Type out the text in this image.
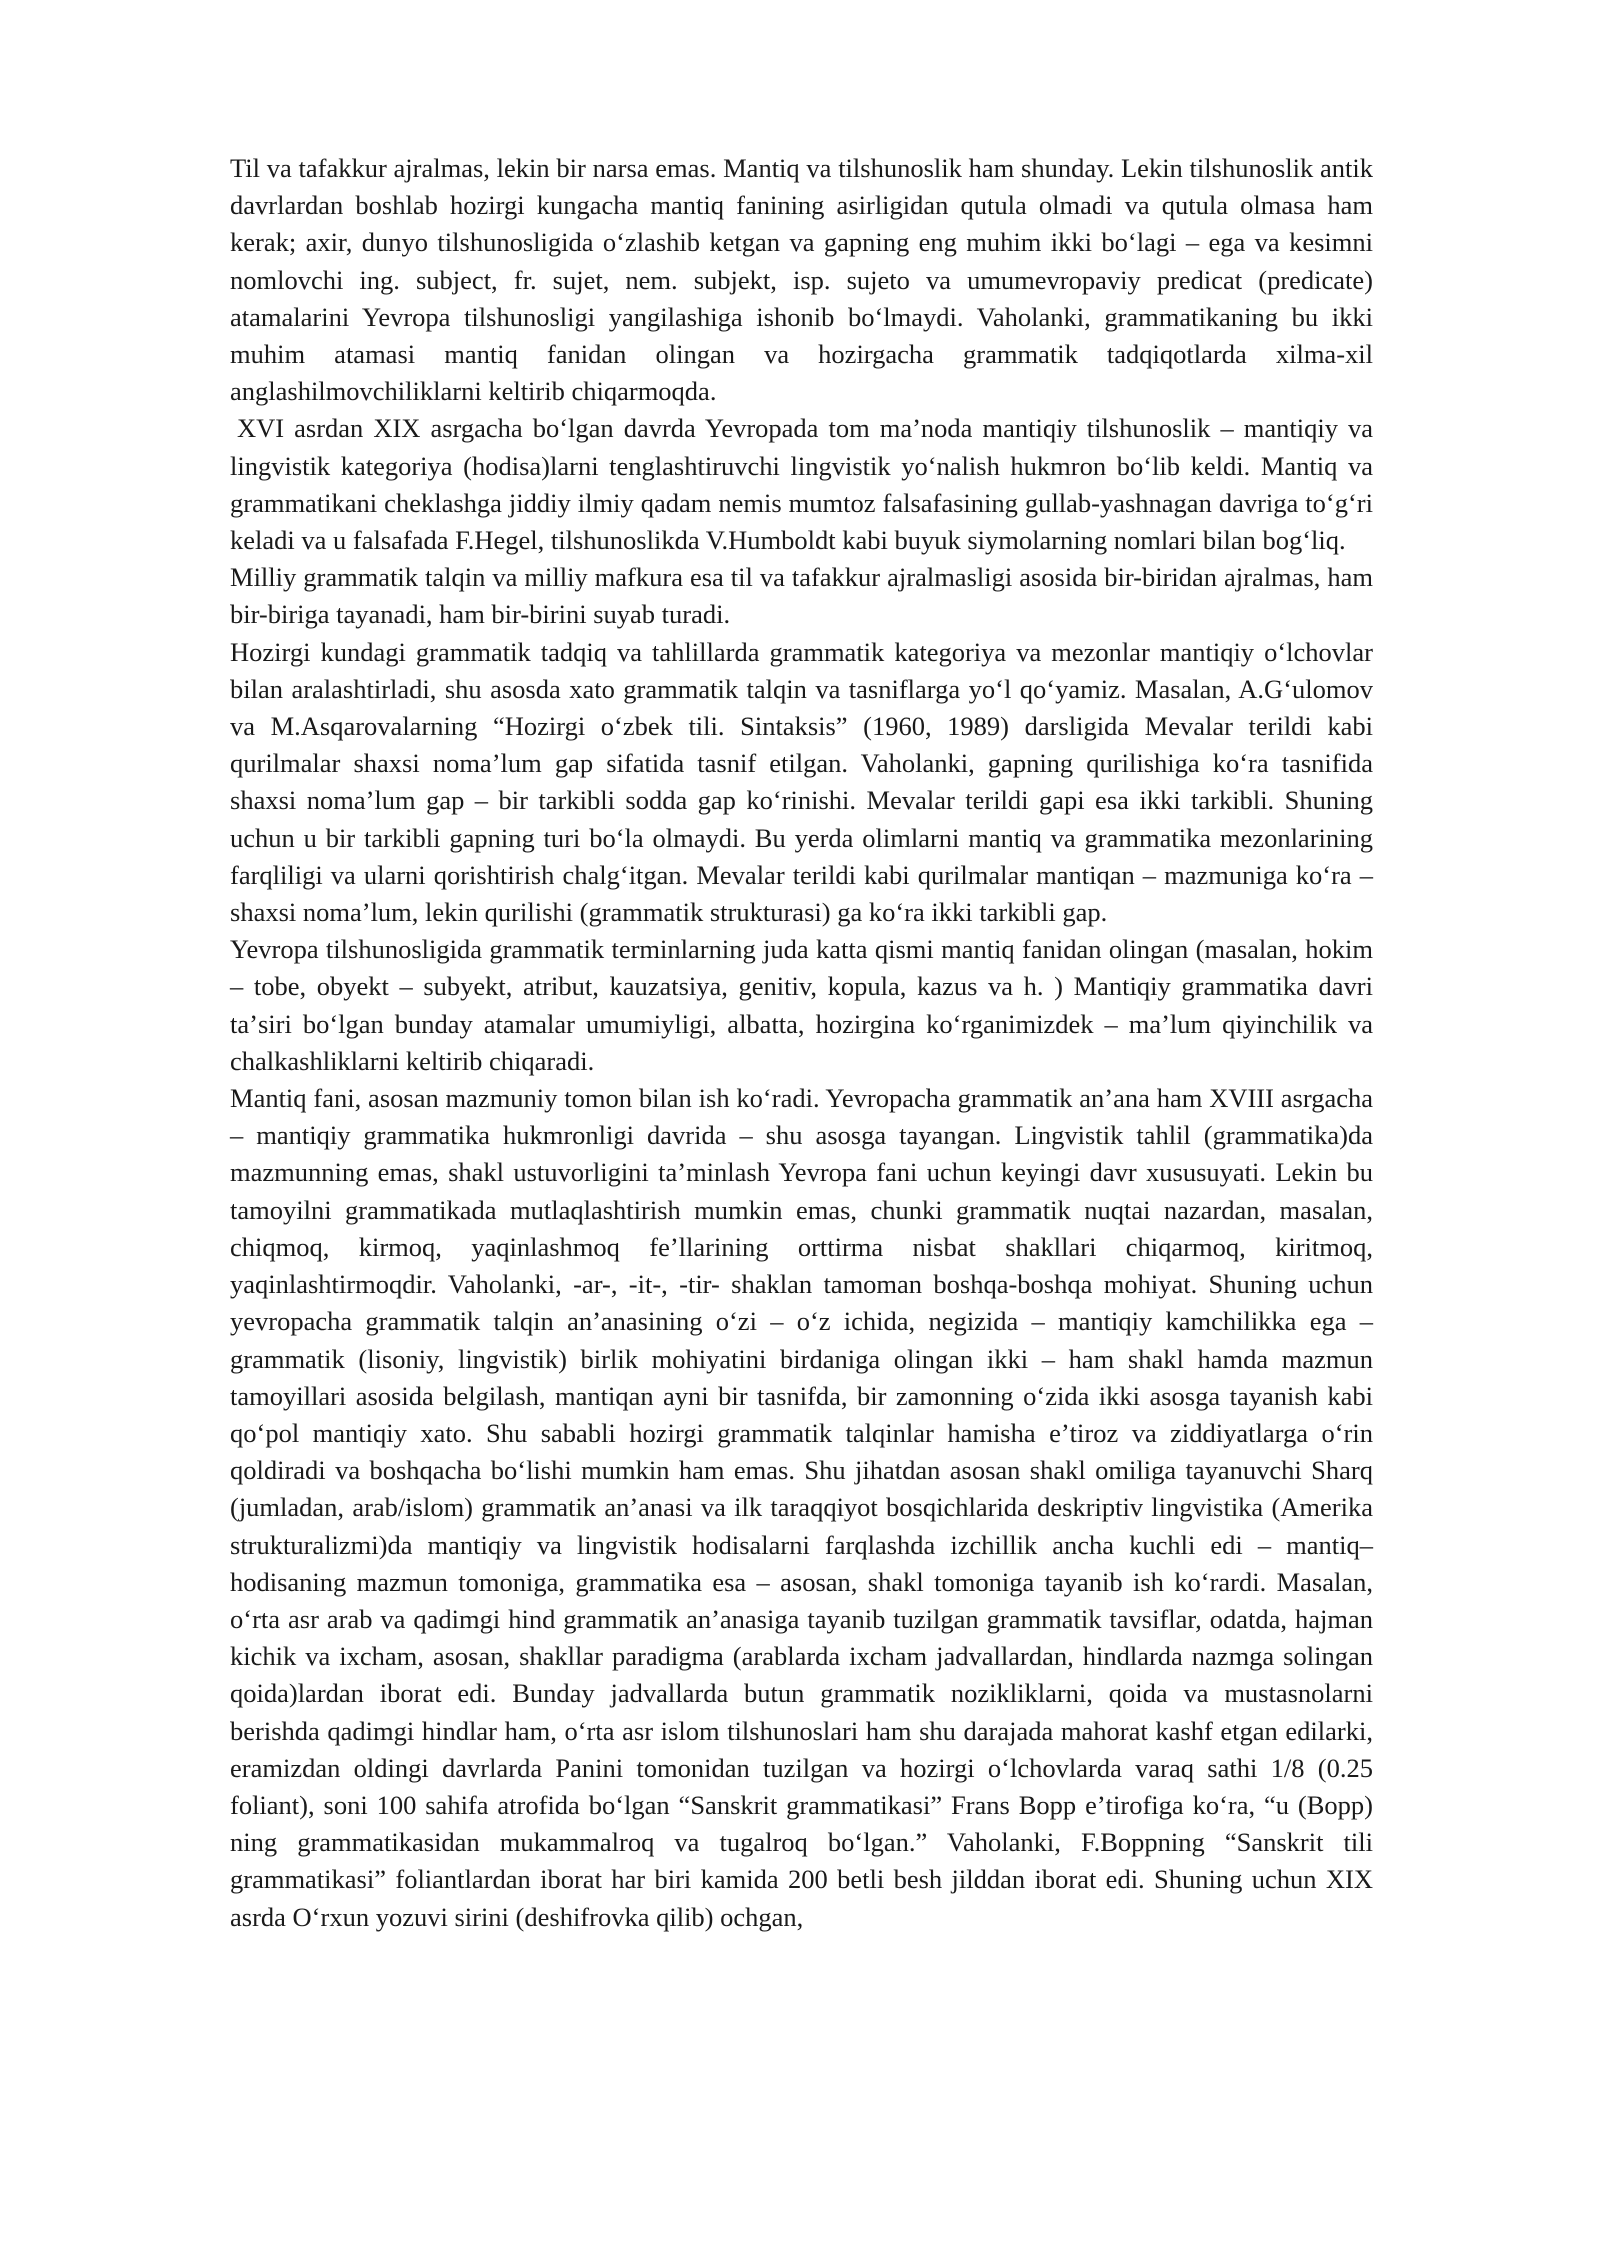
Til va tafakkur ajralmas, lekin bir narsa emas. Mantiq va tilshunoslik ham shunday. Lekin tilshunoslik antik davrlardan boshlab hozirgi kungacha mantiq fanining asirligidan qutula olmadi va qutula olmasa ham kerak; axir, dunyo tilshunosligida oʻzlashib ketgan va gapning eng muhim ikki boʻlagi – ega va kesimni nomlovchi ing. subject, fr. sujet, nem. subjekt, isp. sujeto va umumevropaviy predicat (predicate) atamalarini Yevropa tilshunosligi yangilashiga ishonib boʻlmaydi. Vaholanki, grammatikaning bu ikki muhim atamasi mantiq fanidan olingan va hozirgacha grammatik tadqiqotlarda xilma-xil anglashilmovchiliklarni keltirib chiqarmoqda.

XVI asrdan XIX asrgacha boʻlgan davrda Yevropada tom maʼnoda mantiqiy tilshunoslik – mantiqiy va lingvistik kategoriya (hodisa)larni tenglashtiruvchi lingvistik yoʻnalish hukmron boʻlib keldi. Mantiq va grammatikani cheklashga jiddiy ilmiy qadam nemis mumtoz falsafasining gullab-yashnagan davriga toʻgʻri keladi va u falsafada F.Hegel, tilshunoslikda V.Humboldt kabi buyuk siymolarning nomlari bilan bogʻliq.

Milliy grammatik talqin va milliy mafkura esa til va tafakkur ajralmasligi asosida bir-biridan ajralmas, ham bir-biriga tayanadi, ham bir-birini suyab turadi.

Hozirgi kundagi grammatik tadqiq va tahlillarda grammatik kategoriya va mezonlar mantiqiy oʻlchovlar bilan aralashtirladi, shu asosda xato grammatik talqin va tasniflarga yoʻl qoʻyamiz. Masalan, A.Gʻulomov va M.Asqarovalarning “Hozirgi oʻzbek tili. Sintaksis” (1960, 1989) darsligida Mevalar terildi kabi qurilmalar shaxsi nomaʼlum gap sifatida tasnif etilgan. Vaholanki, gapning qurilishiga koʻra tasnifida shaxsi nomaʼlum gap – bir tarkibli sodda gap koʻrinishi. Mevalar terildi gapi esa ikki tarkibli. Shuning uchun u bir tarkibli gapning turi boʻla olmaydi. Bu yerda olimlarni mantiq va grammatika mezonlarining farqliligi va ularni qorishtirish chalgʻitgan. Mevalar terildi kabi qurilmalar mantiqan – mazmuniga koʻra – shaxsi nomaʼlum, lekin qurilishi (grammatik strukturasi) ga koʻra ikki tarkibli gap.

Yevropa tilshunosligida grammatik terminlarning juda katta qismi mantiq fanidan olingan (masalan, hokim – tobe, obyekt – subyekt, atribut, kauzatsiya, genitiv, kopula, kazus va h. ) Mantiqiy grammatika davri taʼsiri boʻlgan bunday atamalar umumiyligi, albatta, hozirgina koʻrganimizdek – maʼlum qiyinchilik va chalkashliklarni keltirib chiqaradi.

Mantiq fani, asosan mazmuniy tomon bilan ish koʻradi. Yevropacha grammatik anʼana ham XVIII asrgacha – mantiqiy grammatika hukmronligi davrida – shu asosga tayangan. Lingvistik tahlil (grammatika)da mazmunning emas, shakl ustuvorligini taʼminlash Yevropa fani uchun keyingi davr xususuyati. Lekin bu tamoyilni grammatikada mutlaqlashtirish mumkin emas, chunki grammatik nuqtai nazardan, masalan, chiqmoq, kirmoq, yaqinlashmoq feʼllarining orttirma nisbat shakllari chiqarmoq, kiritmoq, yaqinlashtirmoqdir. Vaholanki, -ar-, -it-, -tir- shaklan tamoman boshqa-boshqa mohiyat. Shuning uchun yevropacha grammatik talqin anʼanasining oʻzi – oʻz ichida, negizida – mantiqiy kamchilikka ega – grammatik (lisoniy, lingvistik) birlik mohiyatini birdaniga olingan ikki – ham shakl hamda mazmun tamoyillari asosida belgilash, mantiqan ayni bir tasnifda, bir zamonning oʻzida ikki asosga tayanish kabi qoʻpol mantiqiy xato. Shu sababli hozirgi grammatik talqinlar hamisha eʼtiroz va ziddiyatlarga oʻrin qoldiradi va boshqacha boʻlishi mumkin ham emas. Shu jihatdan asosan shakl omiliga tayanuvchi Sharq (jumladan, arab/islom) grammatik anʼanasi va ilk taraqqiyot bosqichlarida deskriptiv lingvistika (Amerika strukturalizmi)da mantiqiy va lingvistik hodisalarni farqlashda izchillik ancha kuchli edi – mantiq– hodisaning mazmun tomoniga, grammatika esa – asosan, shakl tomoniga tayanib ish koʻrardi. Masalan, oʻrta asr arab va qadimgi hind grammatik anʼanasiga tayanib tuzilgan grammatik tavsiflar, odatda, hajman kichik va ixcham, asosan, shakllar paradigma (arablarda ixcham jadvallardan, hindlarda nazmga solingan qoida)lardan iborat edi. Bunday jadvallarda butun grammatik nozikliklarni, qoida va mustasnolarni berishda qadimgi hindlar ham, oʻrta asr islom tilshunoslari ham shu darajada mahorat kashf etgan edilarki, eramizdan oldingi davrlarda Panini tomonidan tuzilgan va hozirgi oʻlchovlarda varaq sathi 1/8 (0.25 foliant), soni 100 sahifa atrofida boʻlgan “Sanskrit grammatikasi” Frans Bopp eʼtirofiga koʻra, “u (Bopp) ning grammatikasidan mukammalroq va tugalroq boʻlgan.” Vaholanki, F.Boppning “Sanskrit tili grammatikasi” foliantlardan iborat har biri kamida 200 betli besh jilddan iborat edi. Shuning uchun XIX asrda Oʻrxun yozuvi sirini (deshifrovka qilib) ochgan,
